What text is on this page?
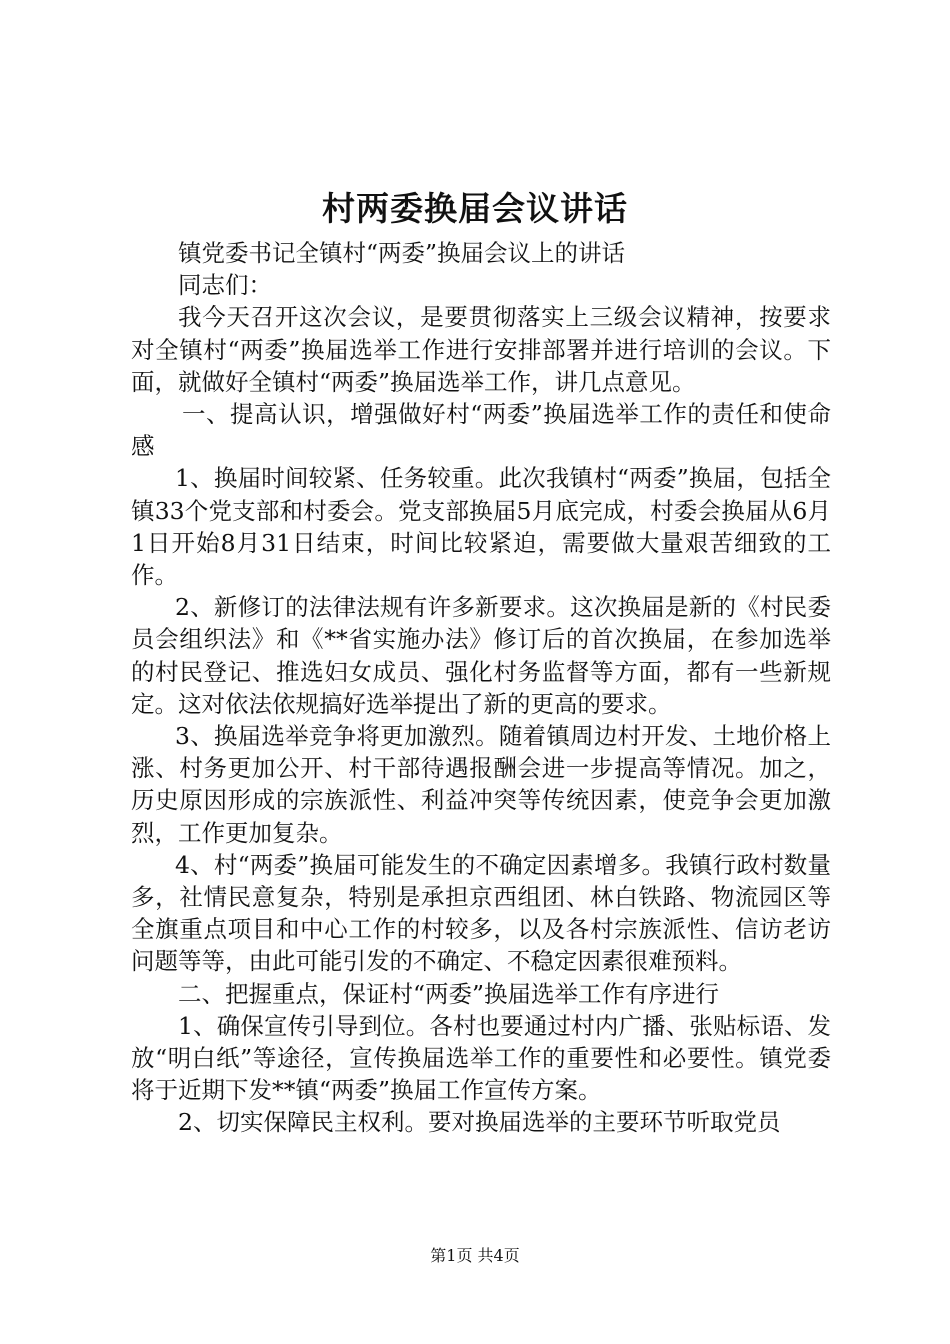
村两委换届会议讲话

镇党委书记全镇村“两委”换届会议上的讲话

同志们：

我今天召开这次会议，是要贯彻落实上三级会议精神，按要求对全镇村“两委”换届选举工作进行安排部署并进行培训的会议。下面，就做好全镇村“两委”换届选举工作，讲几点意见。

一、提高认识，增强做好村“两委”换届选举工作的责任和使命感

1、换届时间较紧、任务较重。此次我镇村“两委”换届，包括全镇33个党支部和村委会。党支部换届5月底完成，村委会换届从6月1日开始8月31日结束，时间比较紧迫，需要做大量艰苦细致的工作。

2、新修订的法律法规有许多新要求。这次换届是新的《村民委员会组织法》和《**省实施办法》修订后的首次换届，在参加选举的村民登记、推选妇女成员、强化村务监督等方面，都有一些新规定。这对依法依规搞好选举提出了新的更高的要求。

3、换届选举竞争将更加激烈。随着镇周边村开发、土地价格上涨、村务更加公开、村干部待遇报酬会进一步提高等情况。加之，历史原因形成的宗族派性、利益冲突等传统因素，使竞争会更加激烈，工作更加复杂。

4、村“两委”换届可能发生的不确定因素增多。我镇行政村数量多，社情民意复杂，特别是承担京西组团、林白铁路、物流园区等全旗重点项目和中心工作的村较多，以及各村宗族派性、信访老访问题等等，由此可能引发的不确定、不稳定因素很难预料。

二、把握重点，保证村“两委”换届选举工作有序进行

1、确保宣传引导到位。各村也要通过村内广播、张贴标语、发放“明白纸”等途径，宣传换届选举工作的重要性和必要性。镇党委将于近期下发**镇“两委”换届工作宣传方案。

2、切实保障民主权利。要对换届选举的主要环节听取党员

第1页 共4页
